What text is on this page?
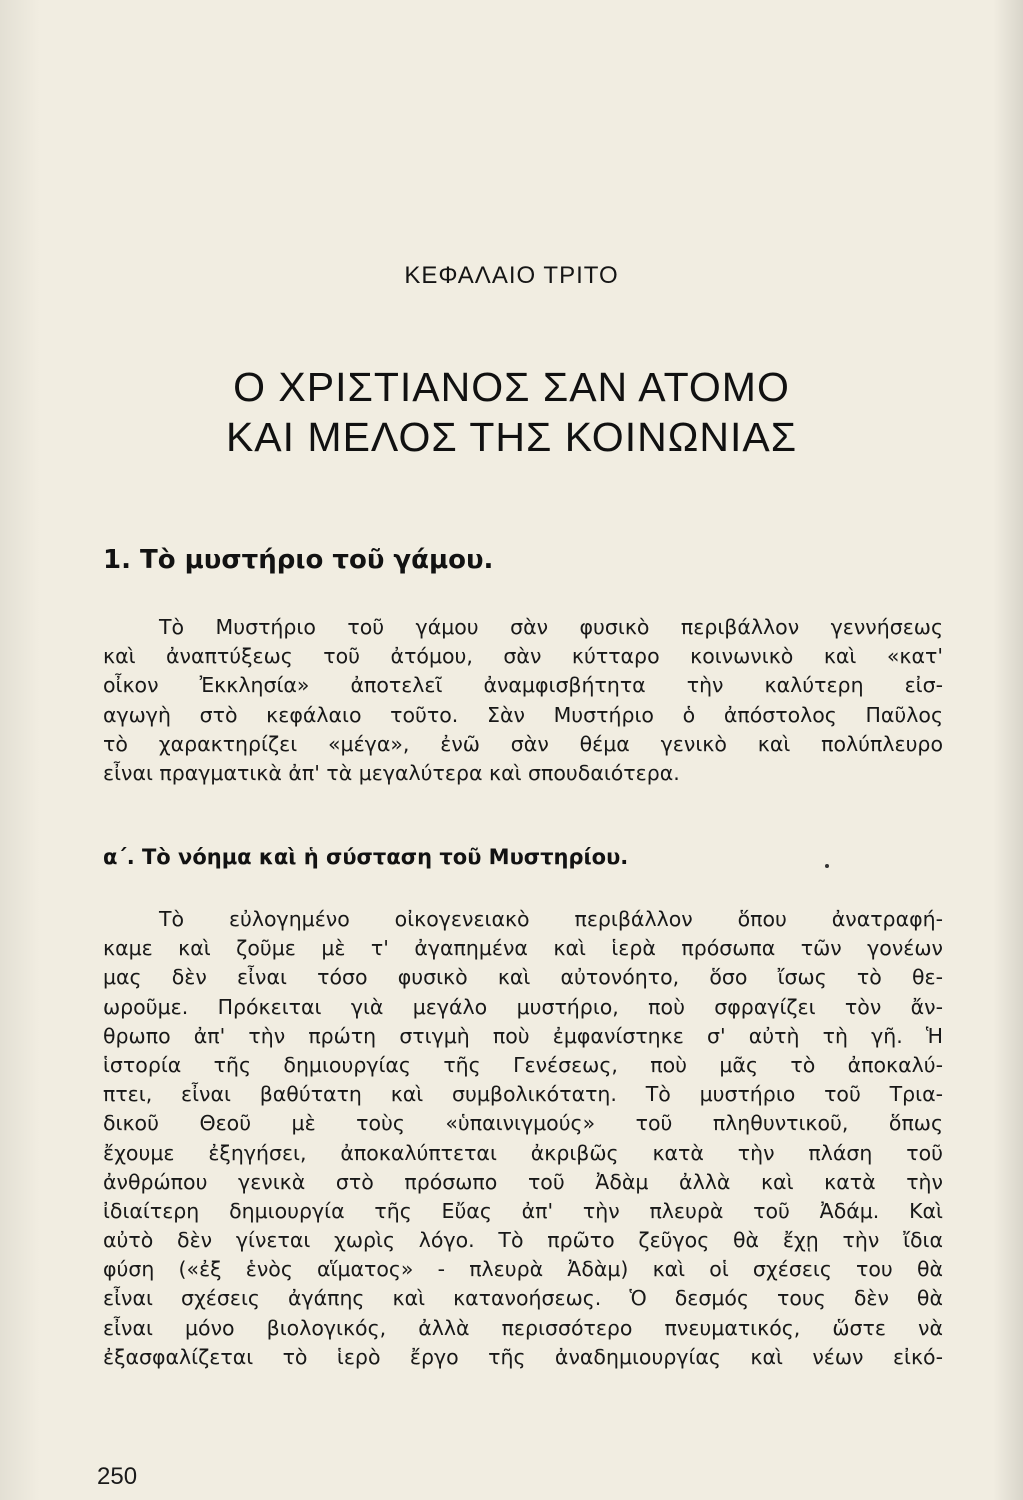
ΚΕΦΑΛΑΙΟ ΤΡΙΤΟ
Ο ΧΡΙΣΤΙΑΝΟΣ ΣΑΝ ΑΤΟΜΟ
ΚΑΙ ΜΕΛΟΣ ΤΗΣ ΚΟΙΝΩΝΙΑΣ
1. Τὸ μυστήριο τοῦ γάμου.
Τὸ Μυστήριο τοῦ γάμου σὰν φυσικὸ περιβάλλον γεννήσεως
καὶ ἀναπτύξεως τοῦ ἀτόμου, σὰν κύτταρο κοινωνικὸ καὶ «κατ'
οἶκον Ἐκκλησία» ἀποτελεῖ ἀναμφισβήτητα τὴν καλύτερη εἰσ-
αγωγὴ στὸ κεφάλαιο τοῦτο. Σὰν Μυστήριο ὁ ἀπόστολος Παῦλος
τὸ χαρακτηρίζει «μέγα», ἐνῶ σὰν θέμα γενικὸ καὶ πολύπλευρο
εἶναι πραγματικὰ ἀπ' τὰ μεγαλύτερα καὶ σπουδαιότερα.
α΄. Τὸ νόημα καὶ ἡ σύσταση τοῦ Μυστηρίου.
Τὸ εὐλογημένο οἰκογενειακὸ περιβάλλον ὅπου ἀνατραφή-
καμε καὶ ζοῦμε μὲ τ' ἀγαπημένα καὶ ἱερὰ πρόσωπα τῶν γονέων
μας δὲν εἶναι τόσο φυσικὸ καὶ αὐτονόητο, ὅσο ἴσως τὸ θε-
ωροῦμε. Πρόκειται γιὰ μεγάλο μυστήριο, ποὺ σφραγίζει τὸν ἄν-
θρωπο ἀπ' τὴν πρώτη στιγμὴ ποὺ ἐμφανίστηκε σ' αὐτὴ τὴ γῆ. Ἡ
ἱστορία τῆς δημιουργίας τῆς Γενέσεως, ποὺ μᾶς τὸ ἀποκαλύ-
πτει, εἶναι βαθύτατη καὶ συμβολικότατη. Τὸ μυστήριο τοῦ Τρια-
δικοῦ Θεοῦ μὲ τοὺς «ὑπαινιγμούς» τοῦ πληθυντικοῦ, ὅπως
ἔχουμε ἐξηγήσει, ἀποκαλύπτεται ἀκριβῶς κατὰ τὴν πλάση τοῦ
ἀνθρώπου γενικὰ στὸ πρόσωπο τοῦ Ἀδὰμ ἀλλὰ καὶ κατὰ τὴν
ἰδιαίτερη δημιουργία τῆς Εὔας ἀπ' τὴν πλευρὰ τοῦ Ἀδάμ. Καὶ
αὐτὸ δὲν γίνεται χωρὶς λόγο. Τὸ πρῶτο ζεῦγος θὰ ἔχῃ τὴν ἴδια
φύση («ἐξ ἑνὸς αἵματος» - πλευρὰ Ἀδὰμ) καὶ οἱ σχέσεις του θὰ
εἶναι σχέσεις ἀγάπης καὶ κατανοήσεως. Ὁ δεσμός τους δὲν θὰ
εἶναι μόνο βιολογικός, ἀλλὰ περισσότερο πνευματικός, ὥστε νὰ
ἐξασφαλίζεται τὸ ἱερὸ ἔργο τῆς ἀναδημιουργίας καὶ νέων εἰκό-
250
